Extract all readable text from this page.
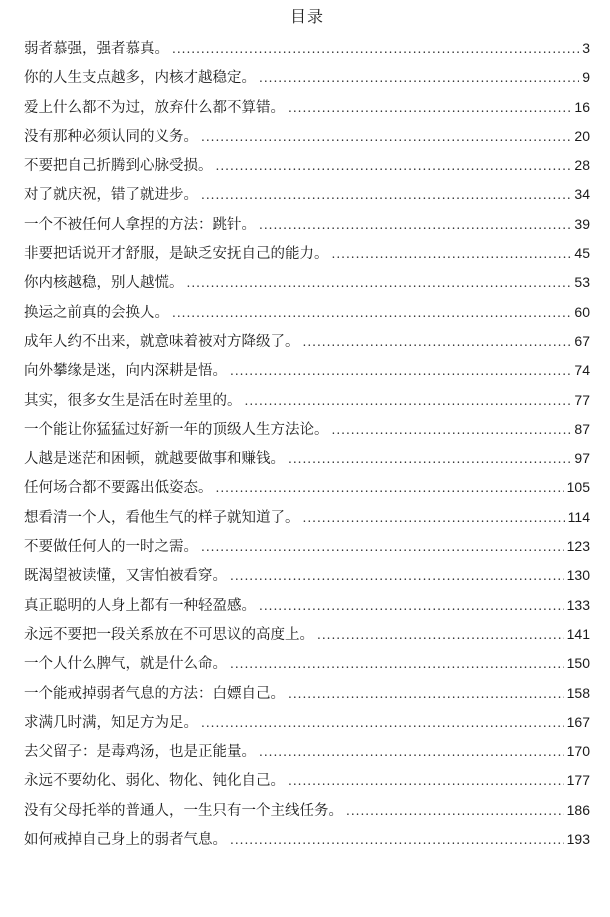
目录
弱者慕强，强者慕真。 .....	3
你的人生支点越多，内核才越稳定。 .....	9
爱上什么都不为过，放弃什么都不算错。 .....	16
没有那种必须认同的义务。 .....	20
不要把自己折腾到心脉受损。 .....	28
对了就庆祝，错了就进步。 .....	34
一个不被任何人拿捏的方法：跳针。 .....	39
非要把话说开才舒服，是缺乏安抚自己的能力。 .....	45
你内核越稳，别人越慌。 .....	53
换运之前真的会换人。 .....	60
成年人约不出来，就意味着被对方降级了。 .....	67
向外攀缘是迷，向内深耕是悟。 .....	74
其实，很多女生是活在时差里的。 .....	77
一个能让你猛猛过好新一年的顶级人生方法论。 .....	87
人越是迷茫和困顿，就越要做事和赚钱。 .....	97
任何场合都不要露出低姿态。 .....	105
想看清一个人，看他生气的样子就知道了。 .....	114
不要做任何人的一时之需。 .....	123
既渴望被读懂，又害怕被看穿。 .....	130
真正聪明的人身上都有一种轻盈感。 .....	133
永远不要把一段关系放在不可思议的高度上。 .....	141
一个人什么脾气，就是什么命。 .....	150
一个能戒掉弱者气息的方法：白嫖自己。 .....	158
求满几时满，知足方为足。 .....	167
去父留子：是毒鸡汤，也是正能量。 .....	170
永远不要幼化、弱化、物化、钝化自己。 .....	177
没有父母托举的普通人，一生只有一个主线任务。 .....	186
如何戒掉自己身上的弱者气息。 .....	193
